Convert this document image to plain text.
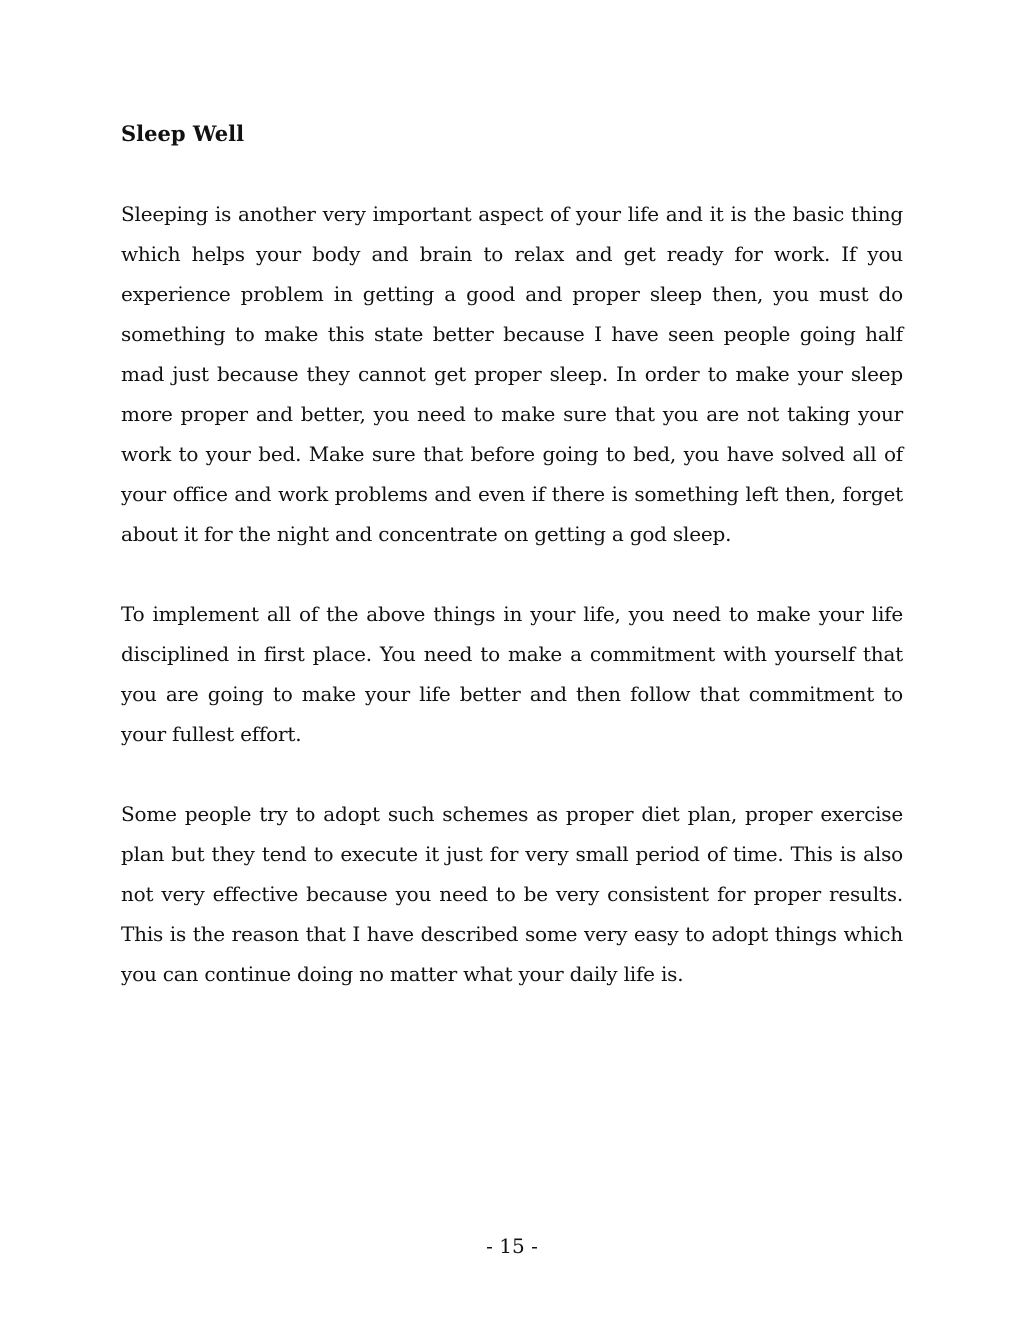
Sleep Well

Sleeping is another very important aspect of your life and it is the basic thing which helps your body and brain to relax and get ready for work. If you experience problem in getting a good and proper sleep then, you must do something to make this state better because I have seen people going half mad just because they cannot get proper sleep. In order to make your sleep more proper and better, you need to make sure that you are not taking your work to your bed. Make sure that before going to bed, you have solved all of your office and work problems and even if there is something left then, forget about it for the night and concentrate on getting a god sleep.

To implement all of the above things in your life, you need to make your life disciplined in first place. You need to make a commitment with yourself that you are going to make your life better and then follow that commitment to your fullest effort.

Some people try to adopt such schemes as proper diet plan, proper exercise plan but they tend to execute it just for very small period of time. This is also not very effective because you need to be very consistent for proper results. This is the reason that I have described some very easy to adopt things which you can continue doing no matter what your daily life is.

- 15 -
